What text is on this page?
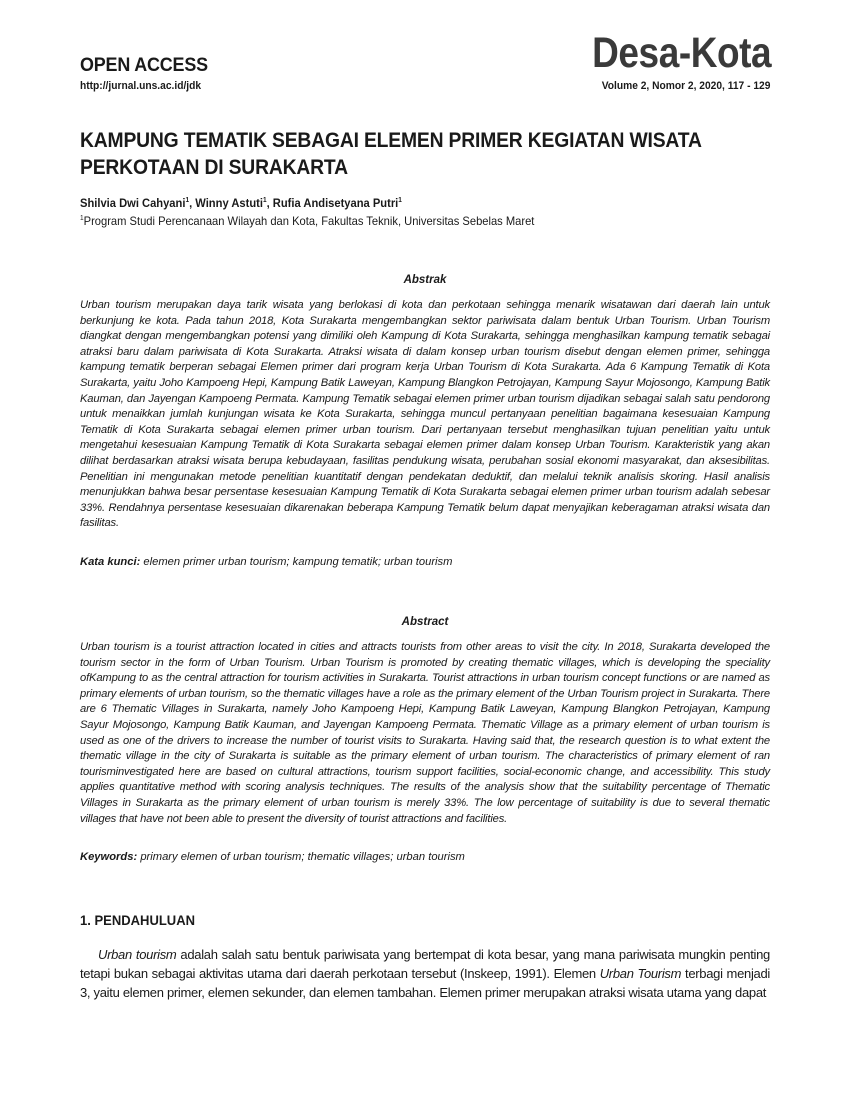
OPEN ACCESS
http://jurnal.uns.ac.id/jdk
Desa-Kota
Volume 2, Nomor 2, 2020, 117 - 129
KAMPUNG TEMATIK SEBAGAI ELEMEN PRIMER KEGIATAN WISATA
PERKOTAAN DI SURAKARTA
Shilvia Dwi Cahyani$^1$, Winny Astuti$^1$, Rufia Andisetyana Putri$^1$
$^1$Program Studi Perencanaan Wilayah dan Kota, Fakultas Teknik, Universitas Sebelas Maret
Abstrak

Urban tourism merupakan daya tarik wisata yang berlokasi di kota dan perkotaan sehingga menarik wisatawan dari daerah lain untuk berkunjung ke kota. Pada tahun 2018, Kota Surakarta mengembangkan sektor pariwisata dalam bentuk Urban Tourism. Urban Tourism diangkat dengan mengembangkan potensi yang dimiliki oleh Kampung di Kota Surakarta, sehingga menghasilkan kampung tematik sebagai atraksi baru dalam pariwisata di Kota Surakarta. Atraksi wisata di dalam konsep urban tourism disebut dengan elemen primer, sehingga kampung tematik berperan sebagai Elemen primer dari program kerja Urban Tourism di Kota Surakarta. Ada 6 Kampung Tematik di Kota Surakarta, yaitu Joho Kampoeng Hepi, Kampung Batik Laweyan, Kampung Blangkon Petrojayan, Kampung Sayur Mojosongo, Kampung Batik Kauman, dan Jayengan Kampoeng Permata. Kampung Tematik sebagai elemen primer urban tourism dijadikan sebagai salah satu pendorong untuk menaikkan jumlah kunjungan wisata ke Kota Surakarta, sehingga muncul pertanyaan penelitian bagaimana kesesuaian Kampung Tematik di Kota Surakarta sebagai elemen primer urban tourism. Dari pertanyaan tersebut menghasilkan tujuan penelitian yaitu untuk mengetahui kesesuaian Kampung Tematik di Kota Surakarta sebagai elemen primer dalam konsep Urban Tourism. Karakteristik yang akan dilihat berdasarkan atraksi wisata berupa kebudayaan, fasilitas pendukung wisata, perubahan sosial ekonomi masyarakat, dan aksesibilitas. Penelitian ini mengunakan metode penelitian kuantitatif dengan pendekatan deduktif, dan melalui teknik analisis skoring. Hasil analisis menunjukkan bahwa besar persentase kesesuaian Kampung Tematik di Kota Surakarta sebagai elemen primer urban tourism adalah sebesar 33%. Rendahnya persentase kesesuaian dikarenakan beberapa Kampung Tematik belum dapat menyajikan keberagaman atraksi wisata dan fasilitas.

Kata kunci: elemen primer urban tourism; kampung tematik; urban tourism
Abstract

Urban tourism is a tourist attraction located in cities and attracts tourists from other areas to visit the city. In 2018, Surakarta developed the tourism sector in the form of Urban Tourism. Urban Tourism is promoted by creating thematic villages, which is developing the speciality ofKampung to as the central attraction for tourism activities in Surakarta. Tourist attractions in urban tourism concept functions or are named as primary elements of urban tourism, so the thematic villages have a role as the primary element of the Urban Tourism project in Surakarta. There are 6 Thematic Villages in Surakarta, namely Joho Kampoeng Hepi, Kampung Batik Laweyan, Kampung Blangkon Petrojayan, Kampung Sayur Mojosongo, Kampung Batik Kauman, and Jayengan Kampoeng Permata. Thematic Village as a primary element of urban tourism is used as one of the drivers to increase the number of tourist visits to Surakarta. Having said that, the research question is to what extent the thematic village in the city of Surakarta is suitable as the primary element of urban tourism. The characteristics of primary element of ran tourisminvestigated here are based on cultural attractions, tourism support facilities, social-economic change, and accessibility. This study applies quantitative method with scoring analysis techniques. The results of the analysis show that the suitability percentage of Thematic Villages in Surakarta as the primary element of urban tourism is merely 33%. The low percentage of suitability is due to several thematic villages that have not been able to present the diversity of tourist attractions and facilities.

Keywords: primary elemen of urban tourism; thematic villages; urban tourism
1. PENDAHULUAN

Urban tourism adalah salah satu bentuk pariwisata yang bertempat di kota besar, yang mana pariwisata mungkin penting tetapi bukan sebagai aktivitas utama dari daerah perkotaan tersebut (Inskeep, 1991). Elemen Urban Tourism terbagi menjadi 3, yaitu elemen primer, elemen sekunder, dan elemen tambahan. Elemen primer merupakan atraksi wisata utama yang dapat
